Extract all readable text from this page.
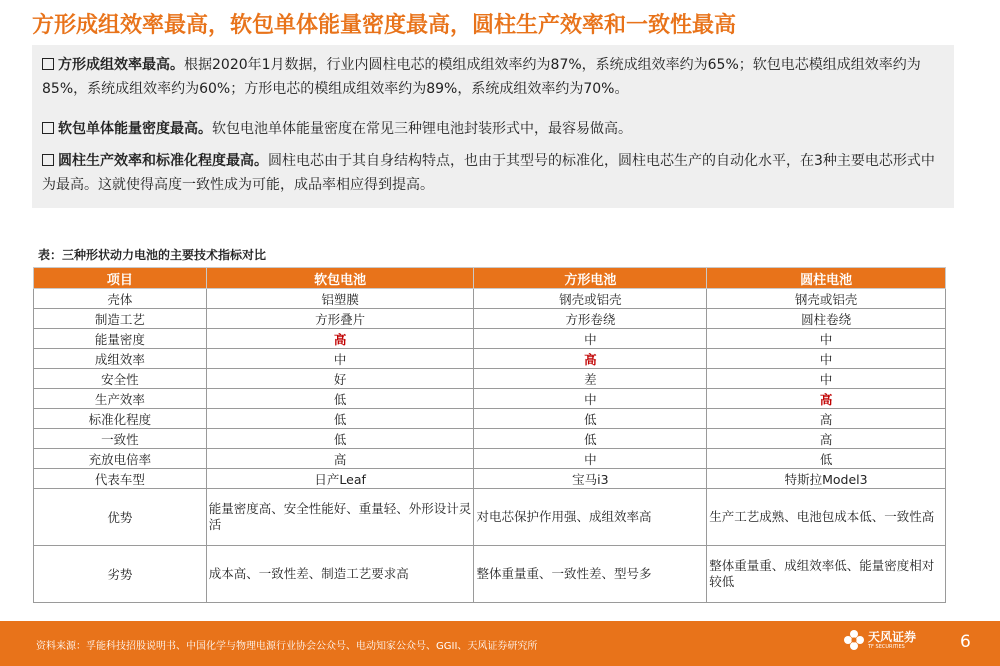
方形成组效率最高，软包单体能量密度最高，圆柱生产效率和一致性最高
方形成组效率最高。根据2020年1月数据，行业内圆柱电芯的模组成组效率约为87%，系统成组效率约为65%；软包电芯模组成组效率约为85%，系统成组效率约为60%；方形电芯的模组成组效率约为89%，系统成组效率约为70%。
软包单体能量密度最高。软包电池单体能量密度在常见三种锂电池封装形式中，最容易做高。
圆柱生产效率和标准化程度最高。圆柱电芯由于其自身结构特点，也由于其型号的标准化，圆柱电芯生产的自动化水平，在3种主要电芯形式中为最高。这就使得高度一致性成为可能，成品率相应得到提高。
表：三种形状动力电池的主要技术指标对比
项目	软包电池	方形电池	圆柱电池
壳体	铝塑膜	钢壳或铝壳	钢壳或铝壳
制造工艺	方形叠片	方形卷绕	圆柱卷绕
能量密度	高	中	中
成组效率	中	高	中
安全性	好	差	中
生产效率	低	中	高
标准化程度	低	低	高
一致性	低	低	高
充放电倍率	高	中	低
代表车型	日产Leaf	宝马i3	特斯拉Model3
优势	能量密度高、安全性能好、重量轻、外形设计灵活	对电芯保护作用强、成组效率高	生产工艺成熟、电池包成本低、一致性高
劣势	成本高、一致性差、制造工艺要求高	整体重量重、一致性差、型号多	整体重量重、成组效率低、能量密度相对较低
资料来源：孚能科技招股说明书、中国化学与物理电源行业协会公众号、电动知家公众号、GGII、天风证券研究所
天风证券
TF SECURITIES	6
